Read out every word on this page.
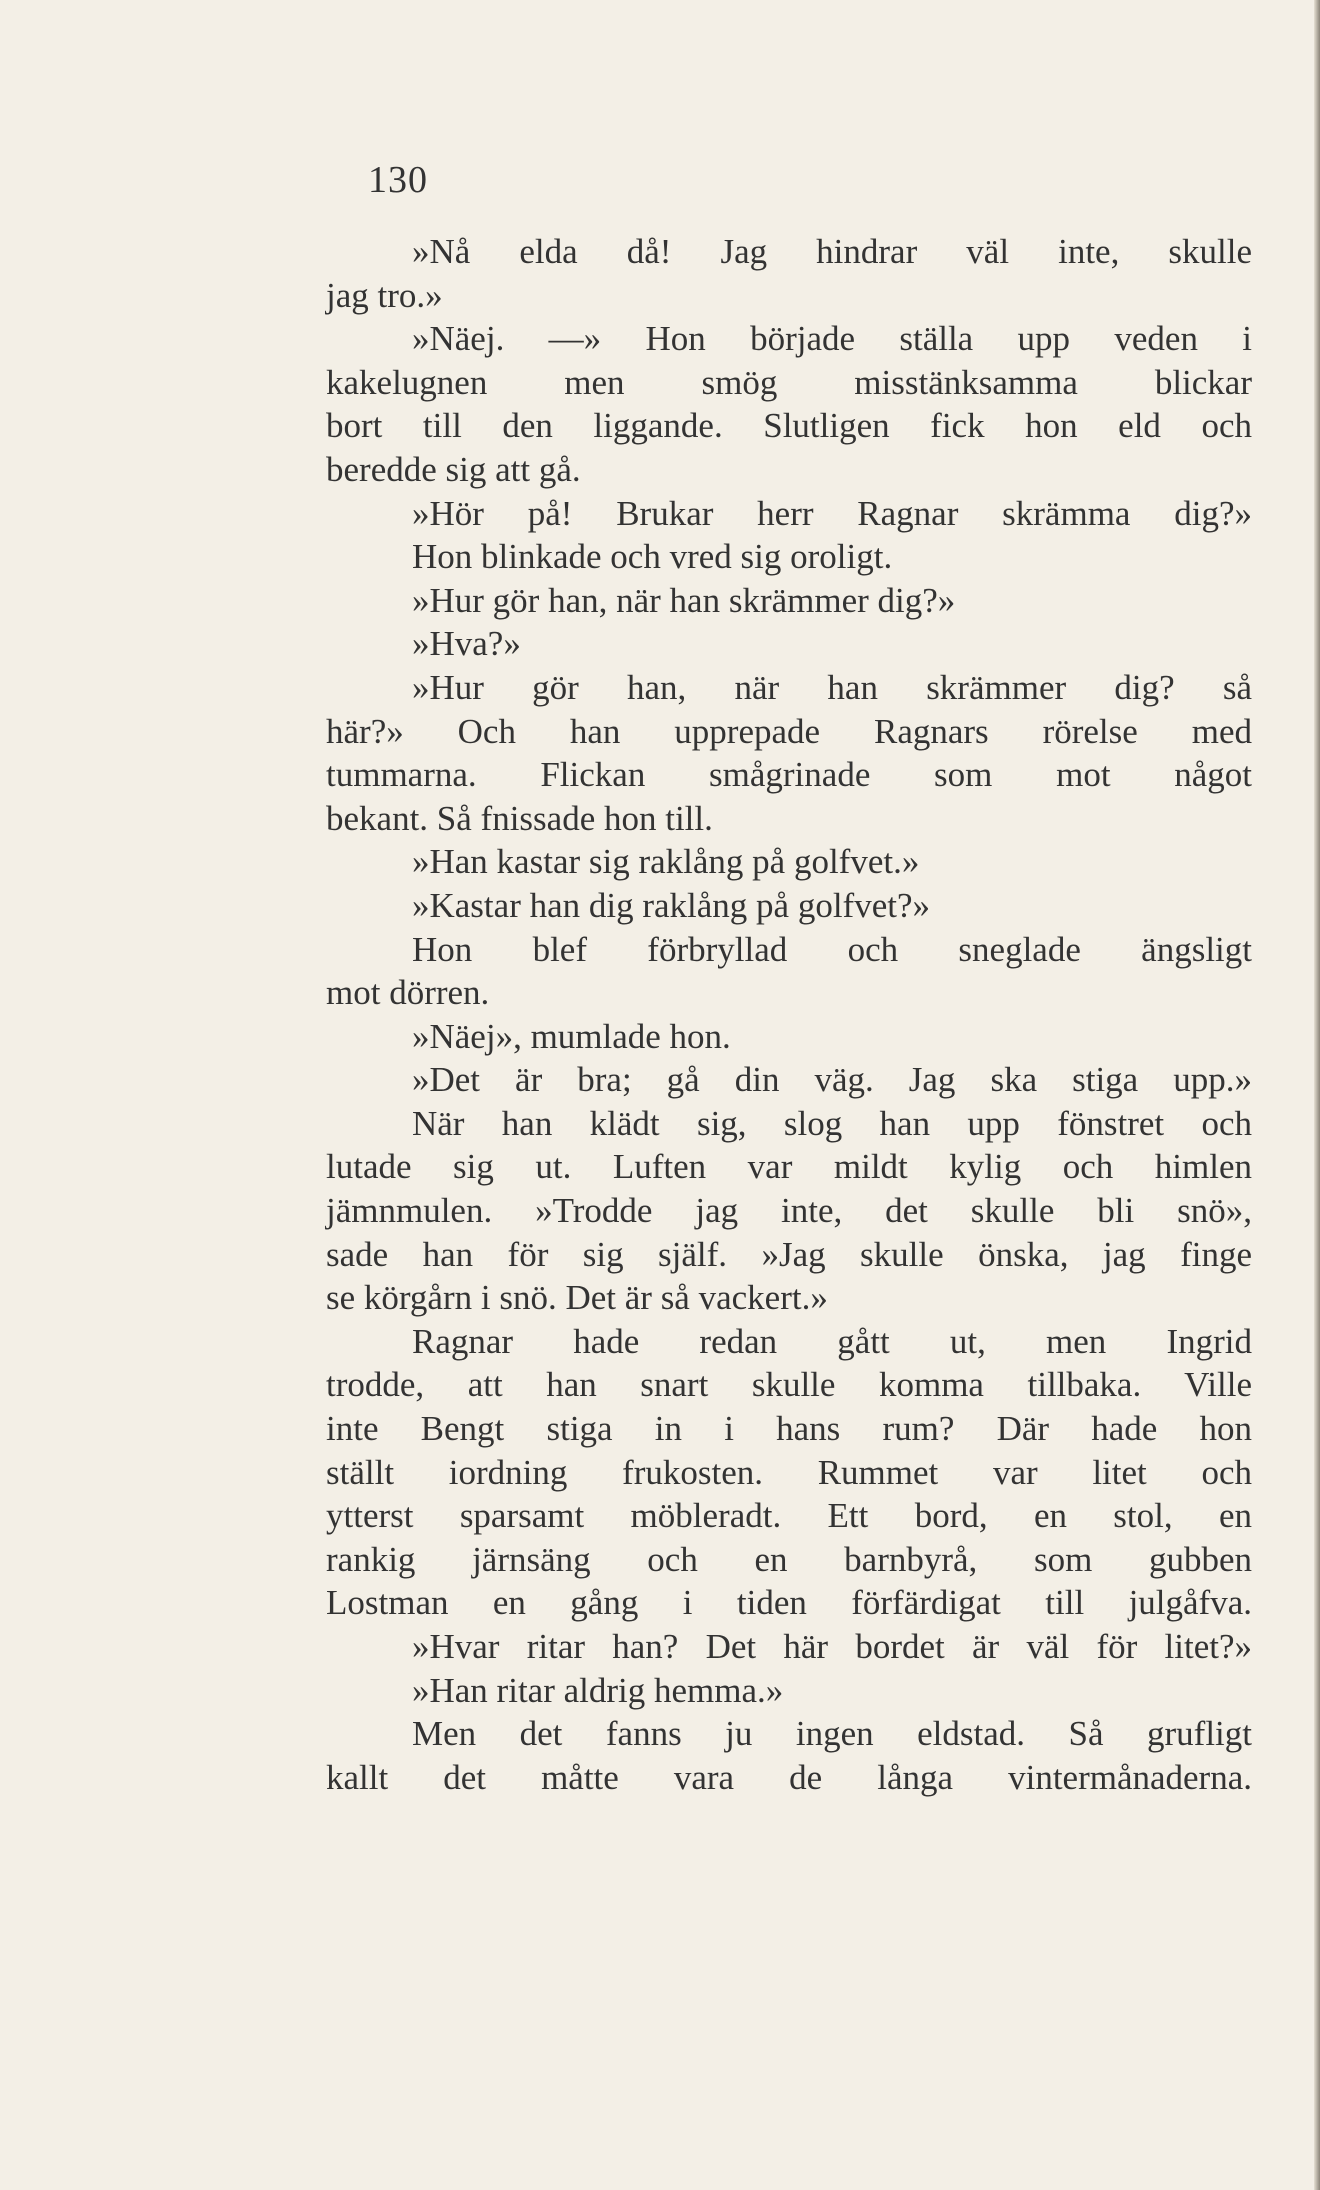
130
»Nå elda då! Jag hindrar väl inte, skulle
jag tro.»
»Näej. —» Hon började ställa upp veden i
kakelugnen men smög misstänksamma blickar
bort till den liggande. Slutligen fick hon eld och
beredde sig att gå.
»Hör på! Brukar herr Ragnar skrämma dig?»
Hon blinkade och vred sig oroligt.
»Hur gör han, när han skrämmer dig?»
»Hva?»
»Hur gör han, när han skrämmer dig? så
här?» Och han upprepade Ragnars rörelse med
tummarna. Flickan smågrinade som mot något
bekant. Så fnissade hon till.
»Han kastar sig raklång på golfvet.»
»Kastar han dig raklång på golfvet?»
Hon blef förbryllad och sneglade ängsligt
mot dörren.
»Näej», mumlade hon.
»Det är bra; gå din väg. Jag ska stiga upp.»
När han klädt sig, slog han upp fönstret och
lutade sig ut. Luften var mildt kylig och himlen
jämnmulen. »Trodde jag inte, det skulle bli snö»,
sade han för sig själf. »Jag skulle önska, jag finge
se körgårn i snö. Det är så vackert.»
Ragnar hade redan gått ut, men Ingrid
trodde, att han snart skulle komma tillbaka. Ville
inte Bengt stiga in i hans rum? Där hade hon
ställt iordning frukosten. Rummet var litet och
ytterst sparsamt möbleradt. Ett bord, en stol, en
rankig järnsäng och en barnbyrå, som gubben
Lostman en gång i tiden förfärdigat till julgåfva.
»Hvar ritar han? Det här bordet är väl för litet?»
»Han ritar aldrig hemma.»
Men det fanns ju ingen eldstad. Så grufligt
kallt det måtte vara de långa vintermånaderna.
